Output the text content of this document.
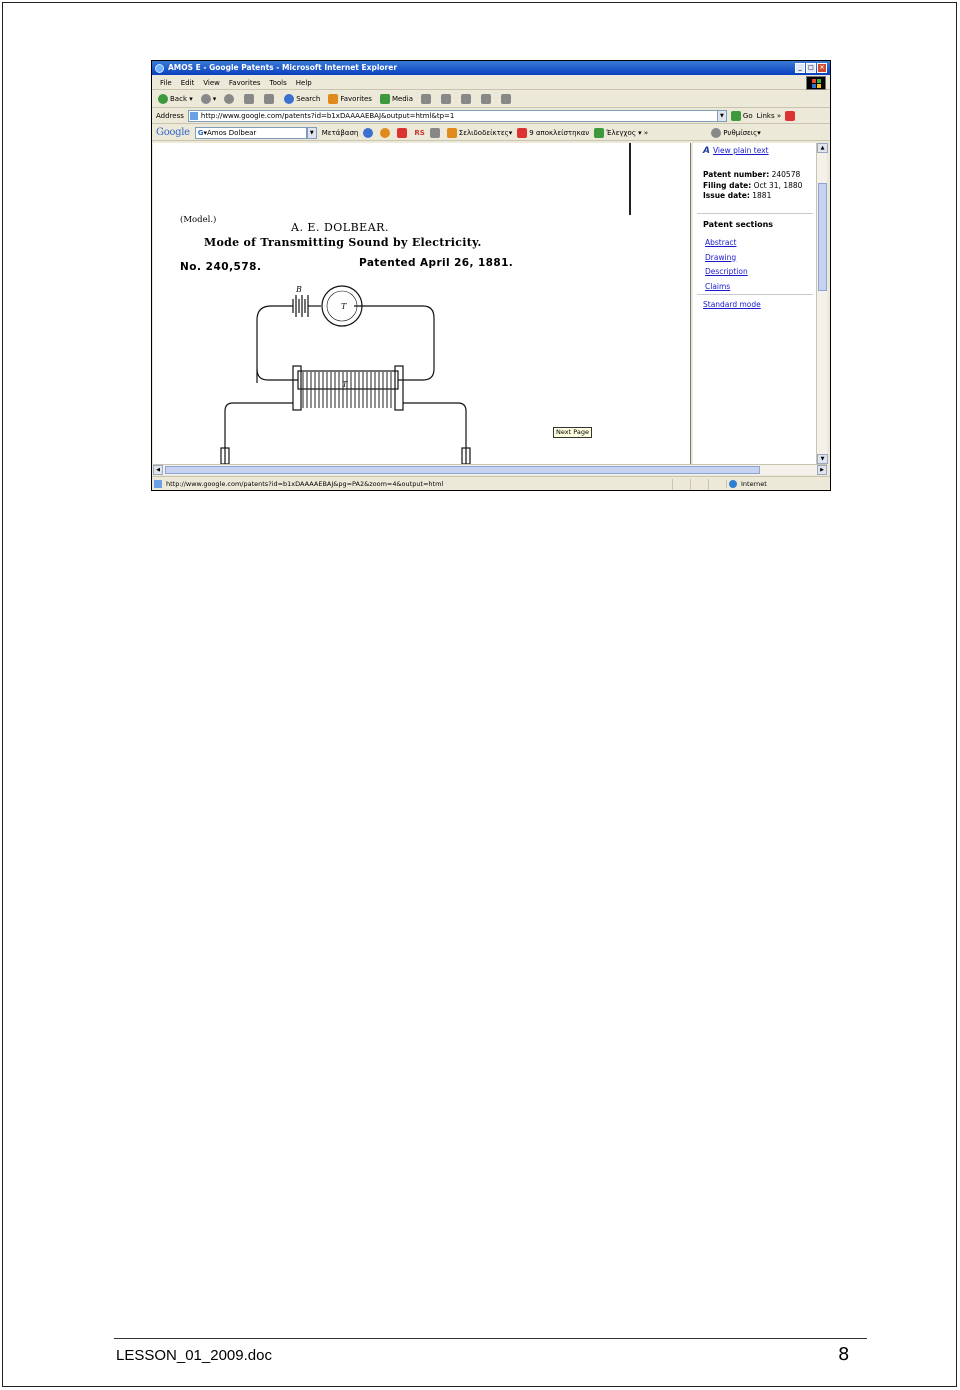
AMOS E - Google Patents - Microsoft Internet Explorer	_	□ ×
File Edit View Favorites Tools Help
Back ▾	▾	Search	Favorites	Media
Address	http://www.google.com/patents?id=b1xDAAAAEBAJ&output=html&tp=1	▼	Go Links »
Google	G▾Amos Dolbear	▼	Μετάβαση	RS	Σελιδοδείκτες▾	9 αποκλείστηκαν	Έλεγχος ▾ »	Ρυθμίσεις▾
(Model.)
A. E. DOLBEAR.
Mode of Transmitting Sound by Electricity.
No. 240,578.	Patented April 26, 1881.
B
T
T
Next Page
A View plain text
Patent number: 240578
Filing date: Oct 31, 1880
Issue date: 1881
Patent sections
Abstract
Drawing
Description
Claims
Standard mode
▲
▼
◀	▶
http://www.google.com/patents?id=b1xDAAAAEBAJ&pg=PA2&zoom=4&output=html	Internet
LESSON_01_2009.doc	8
